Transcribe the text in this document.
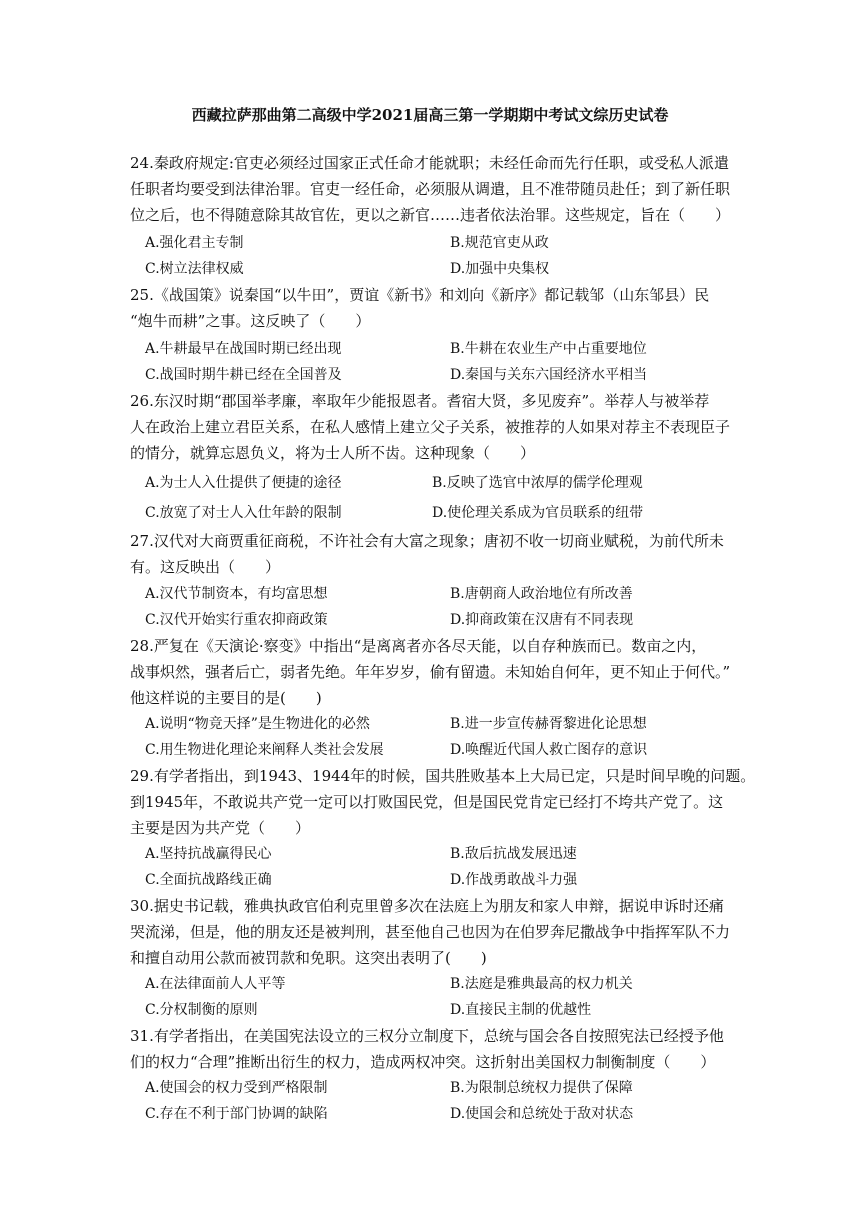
西藏拉萨那曲第二高级中学2021届高三第一学期期中考试文综历史试卷
24.秦政府规定:官吏必须经过国家正式任命才能就职；未经任命而先行任职，或受私人派遣
任职者均要受到法律治罪。官吏一经任命，必须服从调遣，且不准带随员赴任；到了新任职
位之后，也不得随意除其故官佐，更以之新官……违者依法治罪。这些规定，旨在（　　）
A.强化君主专制	B.规范官吏从政
C.树立法律权威	D.加强中央集权
25.《战国策》说秦国“以牛田”，贾谊《新书》和刘向《新序》都记载邹（山东邹县）民
“炮牛而耕”之事。这反映了（　　）
A.牛耕最早在战国时期已经出现	B.牛耕在农业生产中占重要地位
C.战国时期牛耕已经在全国普及	D.秦国与关东六国经济水平相当
26.东汉时期“郡国举孝廉，率取年少能报恩者。耆宿大贤，多见废弃”。举荐人与被举荐
人在政治上建立君臣关系，在私人感情上建立父子关系，被推荐的人如果对荐主不表现臣子
的情分，就算忘恩负义，将为士人所不齿。这种现象（　　）
A.为士人入仕提供了便捷的途径	B.反映了选官中浓厚的儒学伦理观
C.放宽了对士人入仕年龄的限制	D.使伦理关系成为官员联系的纽带
27.汉代对大商贾重征商税，不许社会有大富之现象；唐初不收一切商业赋税，为前代所未
有。这反映出（　　）
A.汉代节制资本，有均富思想	B.唐朝商人政治地位有所改善
C.汉代开始实行重农抑商政策	D.抑商政策在汉唐有不同表现
28.严复在《天演论·察变》中指出“是离离者亦各尽天能，以自存种族而已。数亩之内，
战事炽然，强者后亡，弱者先绝。年年岁岁，偷有留遗。未知始自何年，更不知止于何代。”
他这样说的主要目的是(　　)
A.说明“物竞天择”是生物进化的必然	B.进一步宣传赫胥黎进化论思想
C.用生物进化理论来阐释人类社会发展	D.唤醒近代国人救亡图存的意识
29.有学者指出，到1943、1944年的时候，国共胜败基本上大局已定，只是时间早晚的问题。
到1945年，不敢说共产党一定可以打败国民党，但是国民党肯定已经打不垮共产党了。这
主要是因为共产党（　　）
A.坚持抗战赢得民心	B.敌后抗战发展迅速
C.全面抗战路线正确	D.作战勇敢战斗力强
30.据史书记载，雅典执政官伯利克里曾多次在法庭上为朋友和家人申辩，据说申诉时还痛
哭流涕，但是，他的朋友还是被判刑，甚至他自己也因为在伯罗奔尼撒战争中指挥军队不力
和擅自动用公款而被罚款和免职。这突出表明了(　　)
A.在法律面前人人平等	B.法庭是雅典最高的权力机关
C.分权制衡的原则	D.直接民主制的优越性
31.有学者指出，在美国宪法设立的三权分立制度下，总统与国会各自按照宪法已经授予他
们的权力“合理”推断出衍生的权力，造成两权冲突。这折射出美国权力制衡制度（　　）
A.使国会的权力受到严格限制	B.为限制总统权力提供了保障
C.存在不利于部门协调的缺陷	D.使国会和总统处于敌对状态
